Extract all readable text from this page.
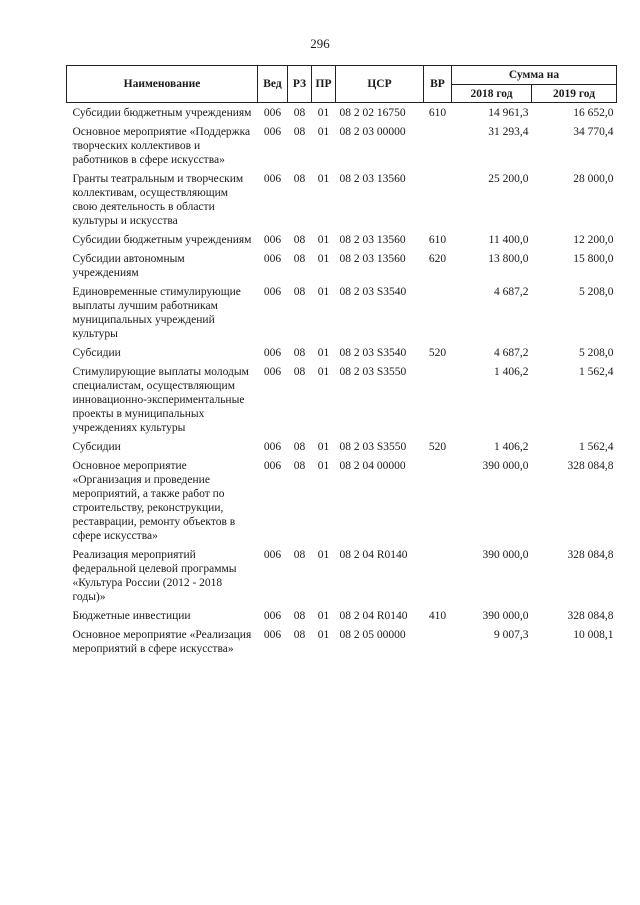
296
Наименование	Вед	РЗ	ПР	ЦСР	ВР	Сумма на	
						2018 год	2019 год
Субсидии бюджетным учреждениям	006	08	01	08 2 02 16750	610	14 961,3	16 652,0
Основное мероприятие «Поддержка творческих коллективов и работников в сфере искусства»	006	08	01	08 2 03 00000		31 293,4	34 770,4
Гранты театральным и творческим коллективам, осуществляющим свою деятельность в области культуры и искусства	006	08	01	08 2 03 13560		25 200,0	28 000,0
Субсидии бюджетным учреждениям	006	08	01	08 2 03 13560	610	11 400,0	12 200,0
Субсидии автономным учреждениям	006	08	01	08 2 03 13560	620	13 800,0	15 800,0
Единовременные стимулирующие выплаты лучшим работникам муниципальных учреждений культуры	006	08	01	08 2 03 S3540		4 687,2	5 208,0
Субсидии	006	08	01	08 2 03 S3540	520	4 687,2	5 208,0
Стимулирующие выплаты молодым специалистам, осуществляющим инновационно-экспериментальные проекты в муниципальных учреждениях культуры	006	08	01	08 2 03 S3550		1 406,2	1 562,4
Субсидии	006	08	01	08 2 03 S3550	520	1 406,2	1 562,4
Основное мероприятие «Организация и проведение мероприятий, а также работ по строительству, реконструкции, реставрации, ремонту объектов в сфере искусства»	006	08	01	08 2 04 00000		390 000,0	328 084,8
Реализация мероприятий федеральной целевой программы «Культура России (2012 - 2018 годы)»	006	08	01	08 2 04 R0140		390 000,0	328 084,8
Бюджетные инвестиции	006	08	01	08 2 04 R0140	410	390 000,0	328 084,8
Основное мероприятие «Реализация мероприятий в сфере искусства»	006	08	01	08 2 05 00000		9 007,3	10 008,1
